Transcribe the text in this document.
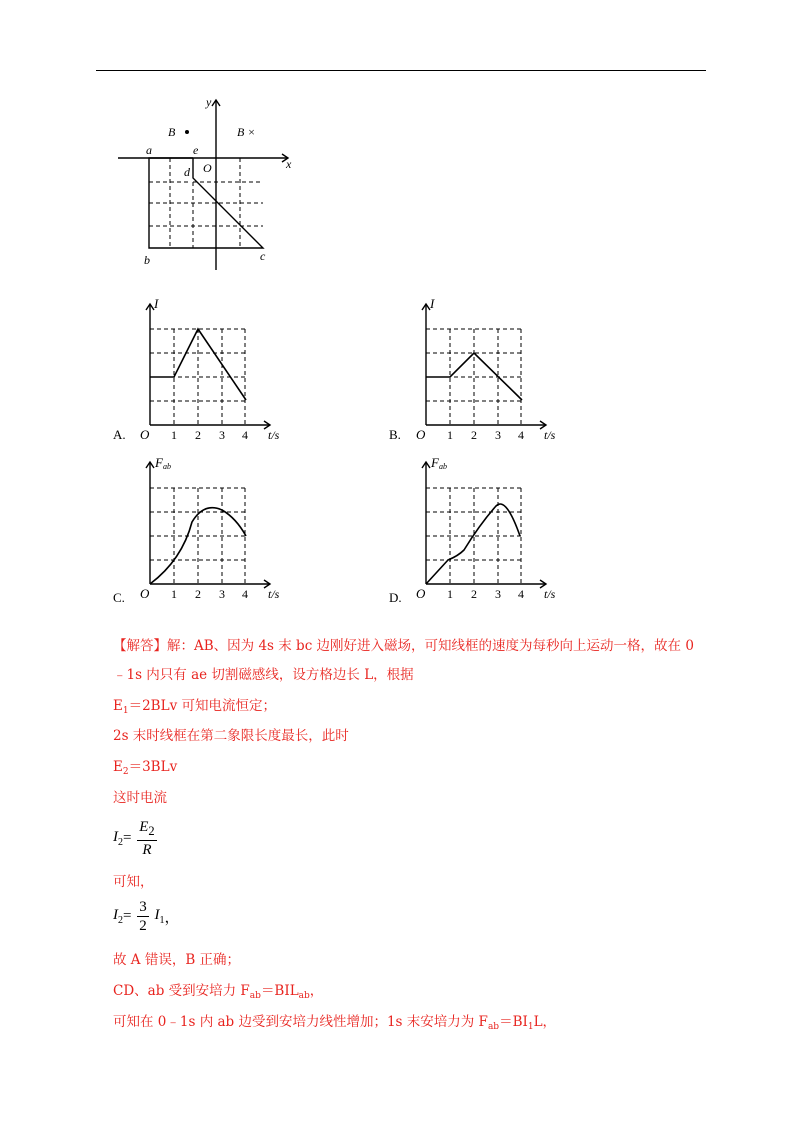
y
x
O
B	B ×
a	e
d
b	c
I
O 1 2 3 4 t/s
A.
I
O 1 2 3 4 t/s
B.
Fab
O 1 2 3 4 t/s
C.
Fab
O 1 2 3 4 t/s
D.
【解答】解：AB、因为 4s 末 bc 边刚好进入磁场，可知线框的速度为每秒向上运动一格，故在 0
﹣1s 内只有 ae 切割磁感线，设方格边长 L，根据
$E_1=2BLv$ 可知电流恒定；
2s 末时线框在第二象限长度最长，此时
$E_2=3BLv$
这时电流
$I_2= \frac{E_2}{R}$
可知，
$I_2= \frac{3}{2} I_1$，
故 A 错误，B 正确；
CD、ab 受到安培力 $F_{ab}=BIL_{ab}$，
可知在 0﹣1s 内 ab 边受到安培力线性增加；1s 末安培力为 $F_{ab}=BI_1L$，
